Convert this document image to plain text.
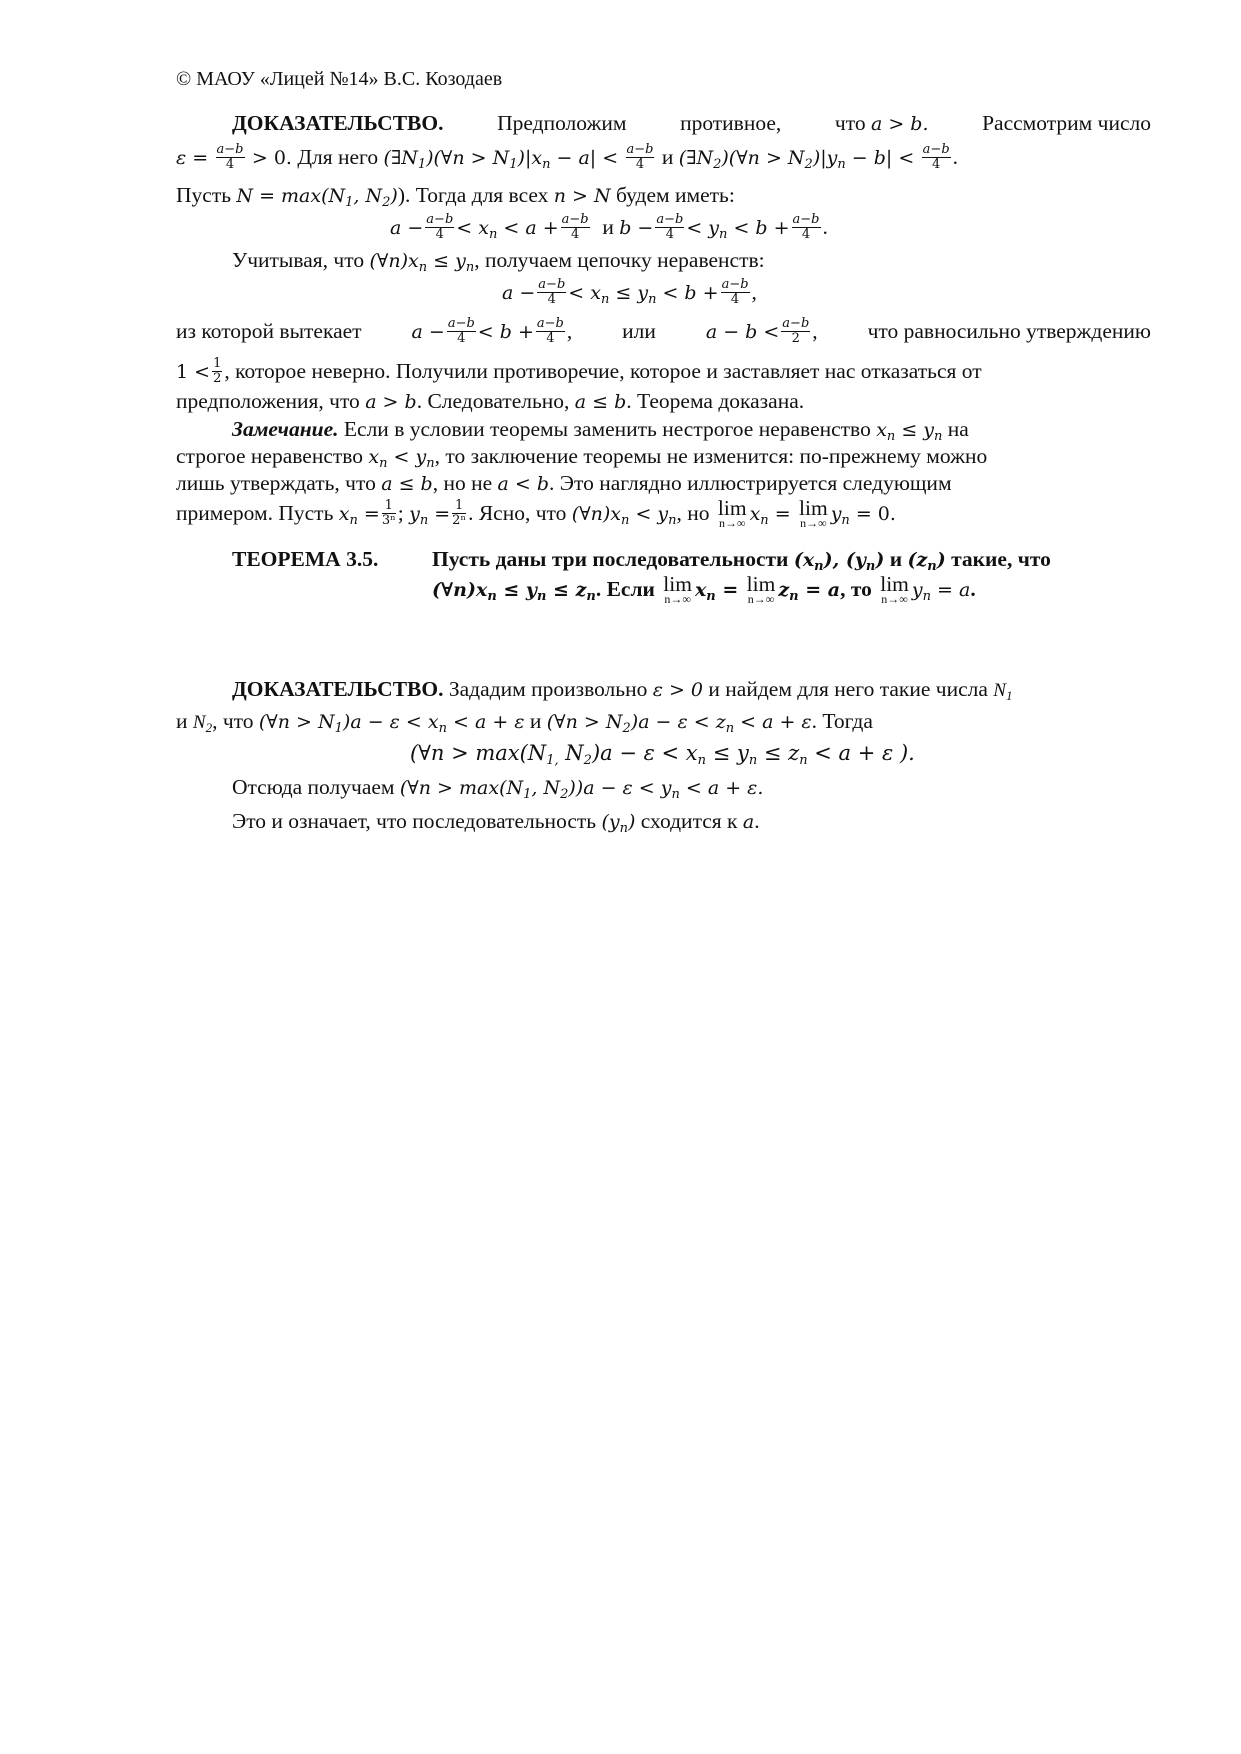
© МАОУ «Лицей №14» В.С. Козодаев
ДОКАЗАТЕЛЬСТВО. Предположим противное, что a > b. Рассмотрим число
$\varepsilon = \frac{a-b}{4} > 0$. Для него $(\exists N_1)(\forall n > N_1)|x_n - a| < \frac{a-b}{4}$ и $(\exists N_2)(\forall n > N_2)|y_n - b| < \frac{a-b}{4}$ .
Пусть $N = \max(N_1$, $N_2$)). Тогда для всех n > N будем иметь:
$a - \frac{a-b}{4} < x_n < a + \frac{a-b}{4}$ и $b - \frac{a-b}{4} < y_n < b + \frac{a-b}{4}$ .
Учитывая, что $(\forall n)x_n \le y_n$, получаем цепочку неравенств:
$a - \frac{a-b}{4} < x_n \le y_n < b + \frac{a-b}{4}$ ,
из которой вытекает	$a - \frac{a-b}{4} < b + \frac{a-b}{4}$ , или	$a - b < \frac{a-b}{2}$ , что равносильно утверждению
$1 < \frac{1}{2}$ , которое неверно. Получили противоречие, которое и заставляет нас отказаться от
предположения, что a > b. Следовательно, a ≤ b. Теорема доказана.
Замечание. Если в условии теоремы заменить нестрогое неравенство $x_n \le y_n$ на
строгое неравенство $x_n < y_n$, то заключение теоремы не изменится: по-прежнему можно
лишь утверждать, что a ≤ b, но не a < b. Это наглядно иллюстрируется следующим
примером. Пусть $x_n = \frac{1}{\text{3ⁿ}}$ ; $y_n = \frac{1}{\text{2ⁿ}}$ . Ясно, что $(\forall n)x_n < y_n$, но lim
n→∞ $x_n = \lim$
n→∞ $y_n = 0$.
ТЕОРЕМА 3.5. Пусть даны три последовательности $(x_n)$, $(y_n)$ и $(z_n)$ такие, что
$(\forall n)x_n \le y_n \le z_n$. Если lim
n→∞ $x_n = \lim$
n→∞ $z_n = a$, то lim
n→∞ $y_n = a$.
ДОКАЗАТЕЛЬСТВО. Зададим произвольно ε > 0 и найдем для него такие числа $N_1$
и $N_2$, что (∀n > $N_1)a - \varepsilon < x_n < a + \varepsilon$ и (∀n > $N_2)a - \varepsilon < z_n < a + \varepsilon$. Тогда
(∀n > $\max(N_{1,}$ $N_2)a - \varepsilon < x_n \le y_n \le z_n < a + \varepsilon$ ).
Отсюда получаем (∀n > $\max(N_1$, $N_2))a - \varepsilon < y_n < a + \varepsilon$.
Это и означает, что последовательность $(y_n)$ сходится к a.
